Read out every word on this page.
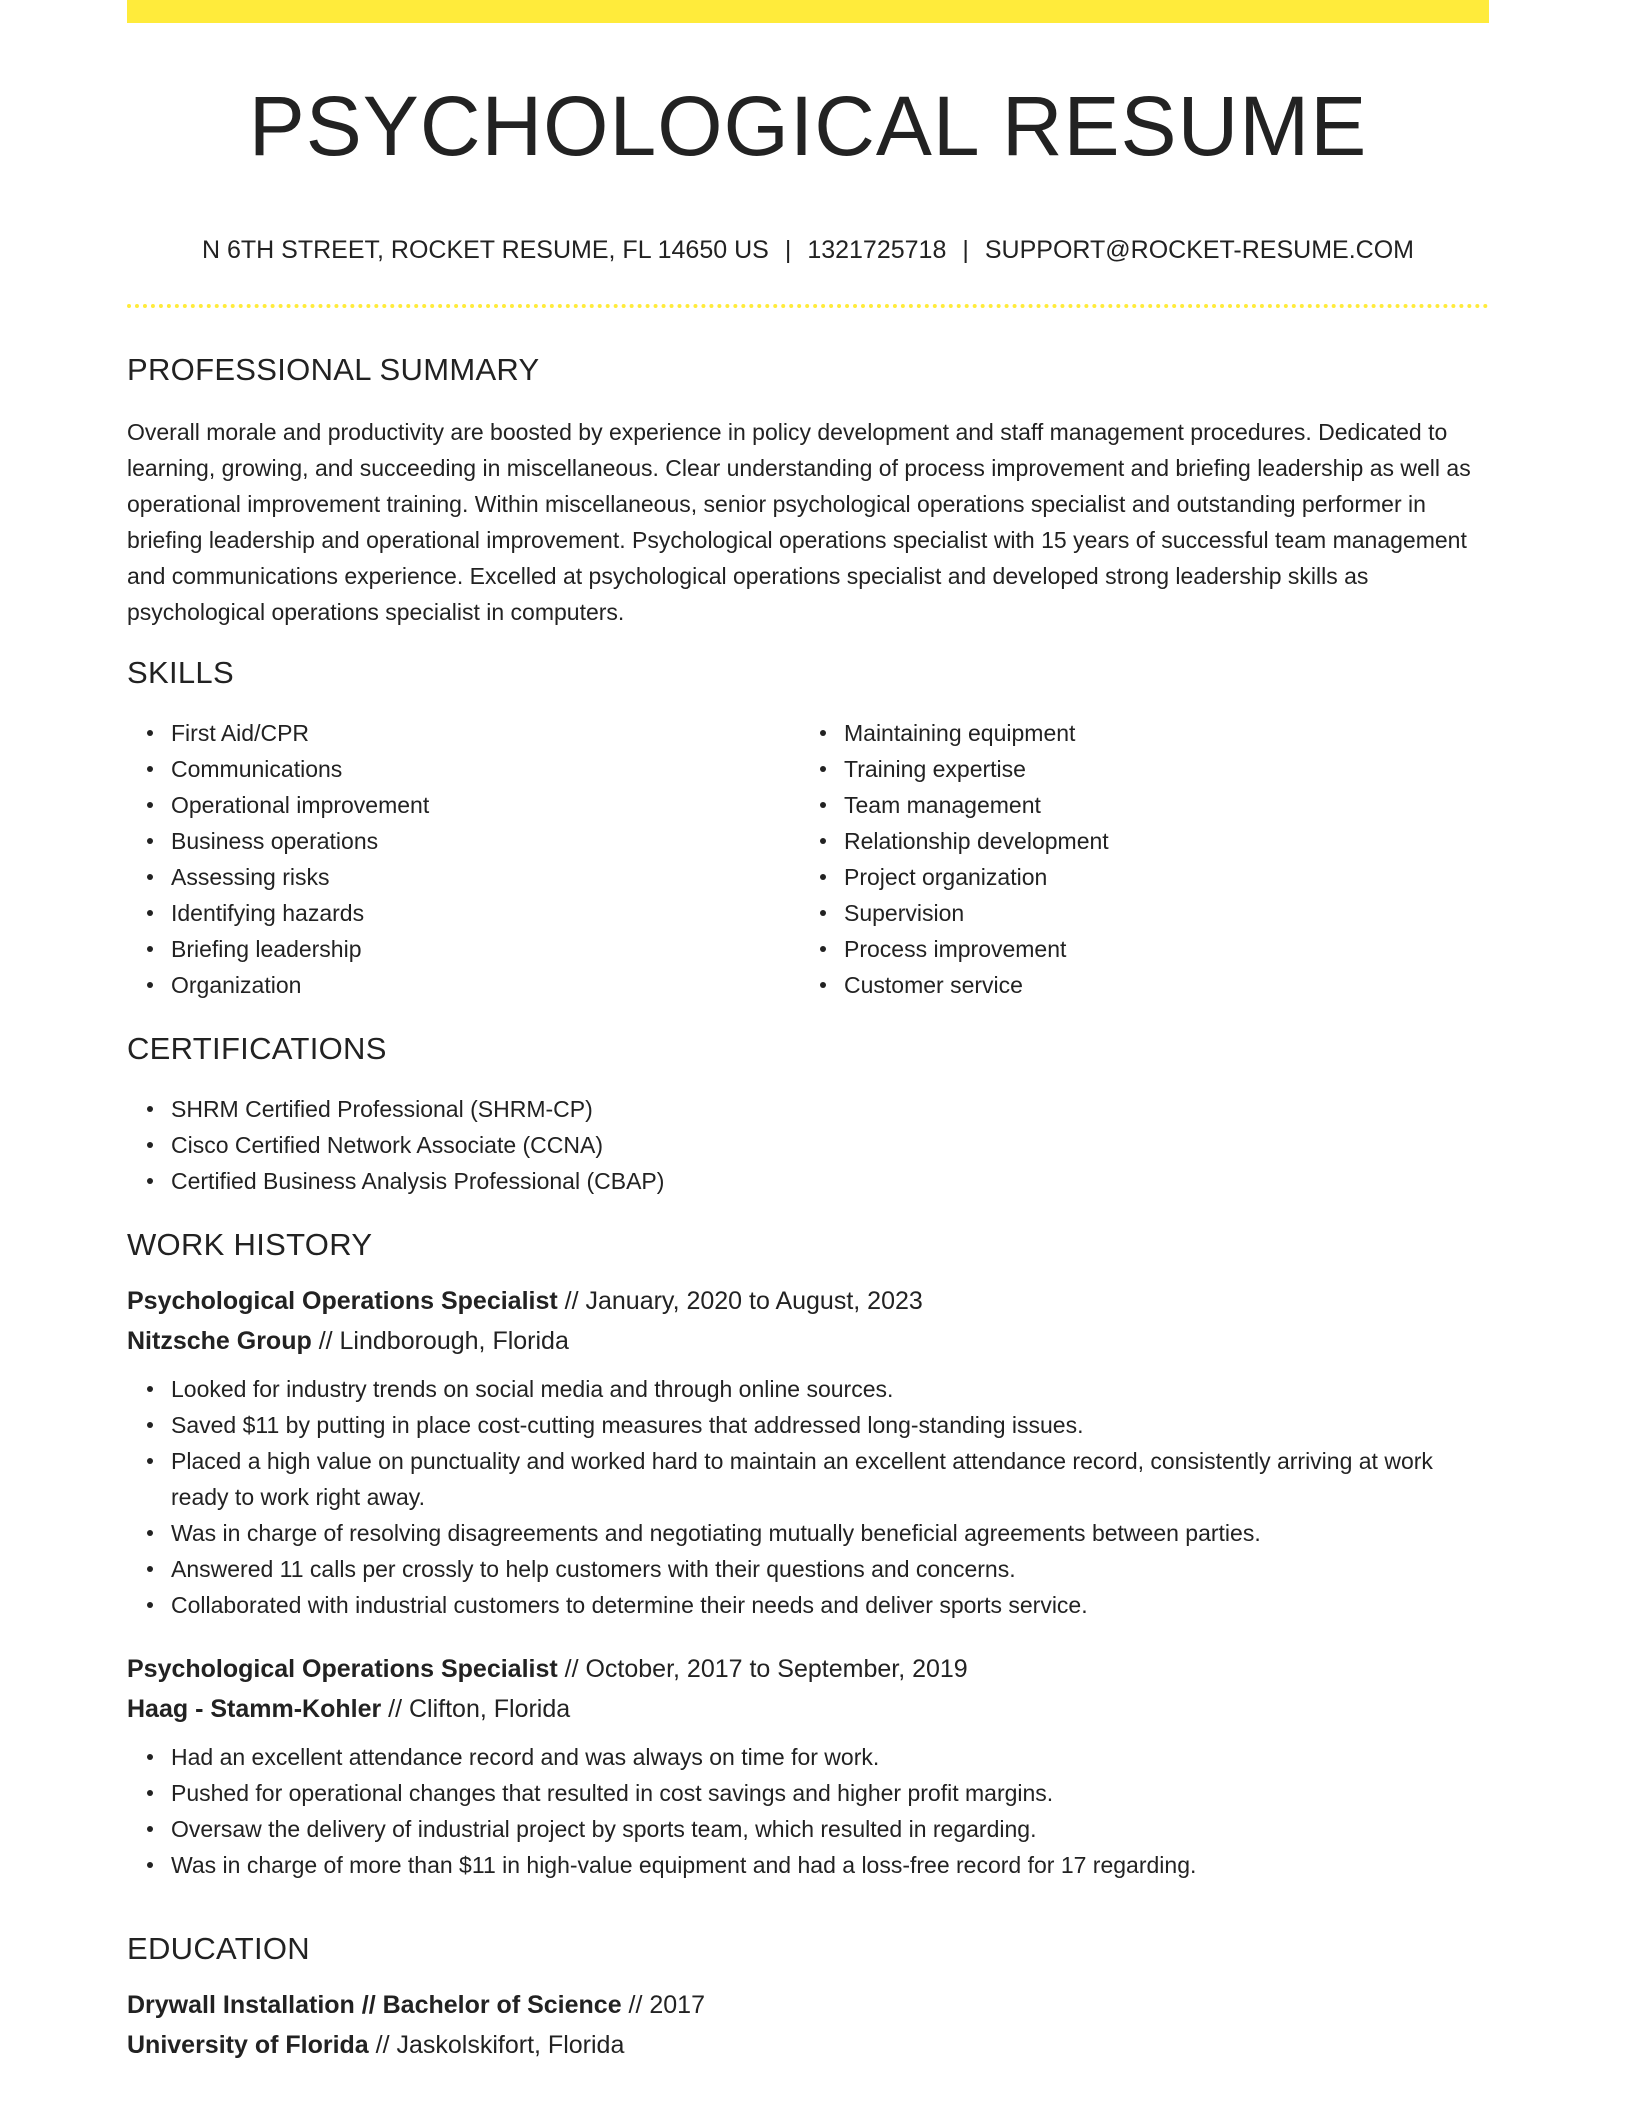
PSYCHOLOGICAL RESUME
N 6TH STREET, ROCKET RESUME, FL 14650 US | 1321725718 | SUPPORT@ROCKET-RESUME.COM
PROFESSIONAL SUMMARY

Overall morale and productivity are boosted by experience in policy development and staff management procedures. Dedicated to learning, growing, and succeeding in miscellaneous. Clear understanding of process improvement and briefing leadership as well as operational improvement training. Within miscellaneous, senior psychological operations specialist and outstanding performer in briefing leadership and operational improvement. Psychological operations specialist with 15 years of successful team management and communications experience. Excelled at psychological operations specialist and developed strong leadership skills as psychological operations specialist in computers.

SKILLS
First Aid/CPR
Communications
Operational improvement
Business operations
Assessing risks
Identifying hazards
Briefing leadership
Organization
Maintaining equipment
Training expertise
Team management
Relationship development
Project organization
Supervision
Process improvement
Customer service
CERTIFICATIONS
SHRM Certified Professional (SHRM-CP)
Cisco Certified Network Associate (CCNA)
Certified Business Analysis Professional (CBAP)
WORK HISTORY
Psychological Operations Specialist // January, 2020 to August, 2023
Nitzsche Group // Lindborough, Florida
Looked for industry trends on social media and through online sources.
Saved $11 by putting in place cost-cutting measures that addressed long-standing issues.
Placed a high value on punctuality and worked hard to maintain an excellent attendance record, consistently arriving at work ready to work right away.
Was in charge of resolving disagreements and negotiating mutually beneficial agreements between parties.
Answered 11 calls per crossly to help customers with their questions and concerns.
Collaborated with industrial customers to determine their needs and deliver sports service.
Psychological Operations Specialist // October, 2017 to September, 2019
Haag - Stamm-Kohler // Clifton, Florida
Had an excellent attendance record and was always on time for work.
Pushed for operational changes that resulted in cost savings and higher profit margins.
Oversaw the delivery of industrial project by sports team, which resulted in regarding.
Was in charge of more than $11 in high-value equipment and had a loss-free record for 17 regarding.
EDUCATION
Drywall Installation // Bachelor of Science // 2017
University of Florida // Jaskolskifort, Florida
